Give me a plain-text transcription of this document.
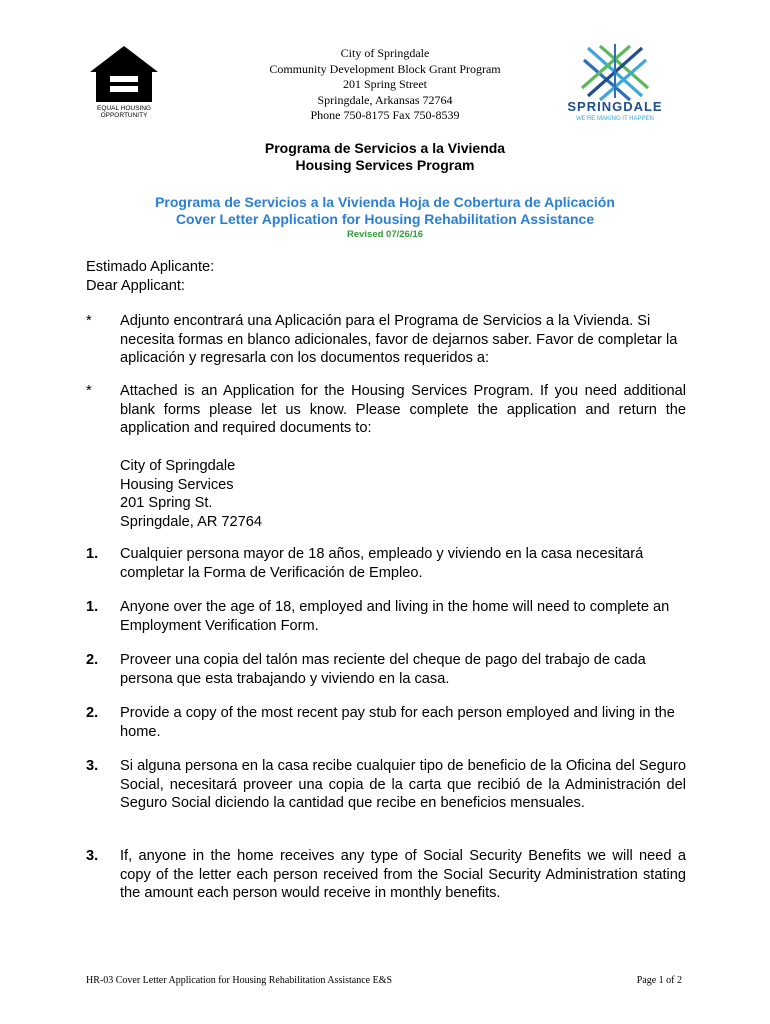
EQUAL HOUSING
OPPORTUNITY
SPRINGDALE
WE'RE MAKING IT HAPPEN
City of Springdale
Community Development Block Grant Program
201 Spring Street
Springdale, Arkansas 72764
Phone 750-8175 Fax 750-8539
Programa de Servicios a la Vivienda
Housing Services Program
Programa de Servicios a la Vivienda Hoja de Cobertura de Aplicación
Cover Letter Application for Housing Rehabilitation Assistance
Revised 07/26/16
Estimado Aplicante:
Dear Applicant:
* Adjunto encontrará una Aplicación para el Programa de Servicios a la Vivienda. Si necesita formas en blanco adicionales, favor de dejarnos saber. Favor de completar la aplicación y regresarla con los documentos requeridos a:
* Attached is an Application for the Housing Services Program. If you need additional blank forms please let us know. Please complete the application and return the application and required documents to:
City of Springdale
Housing Services
201 Spring St.
Springdale, AR 72764
1. Cualquier persona mayor de 18 años, empleado y viviendo en la casa necesitará completar la Forma de Verificación de Empleo.
1. Anyone over the age of 18, employed and living in the home will need to complete an Employment Verification Form.
2. Proveer una copia del talón mas reciente del cheque de pago del trabajo de cada persona que esta trabajando y viviendo en la casa.
2. Provide a copy of the most recent pay stub for each person employed and living in the home.
3. Si alguna persona en la casa recibe cualquier tipo de beneficio de la Oficina del Seguro Social, necesitará proveer una copia de la carta que recibió de la Administración del Seguro Social diciendo la cantidad que recibe en beneficios mensuales.
3. If, anyone in the home receives any type of Social Security Benefits we will need a copy of the letter each person received from the Social Security Administration stating the amount each person would receive in monthly benefits.
HR-03 Cover Letter Application for Housing Rehabilitation Assistance E&S	Page 1 of 2
